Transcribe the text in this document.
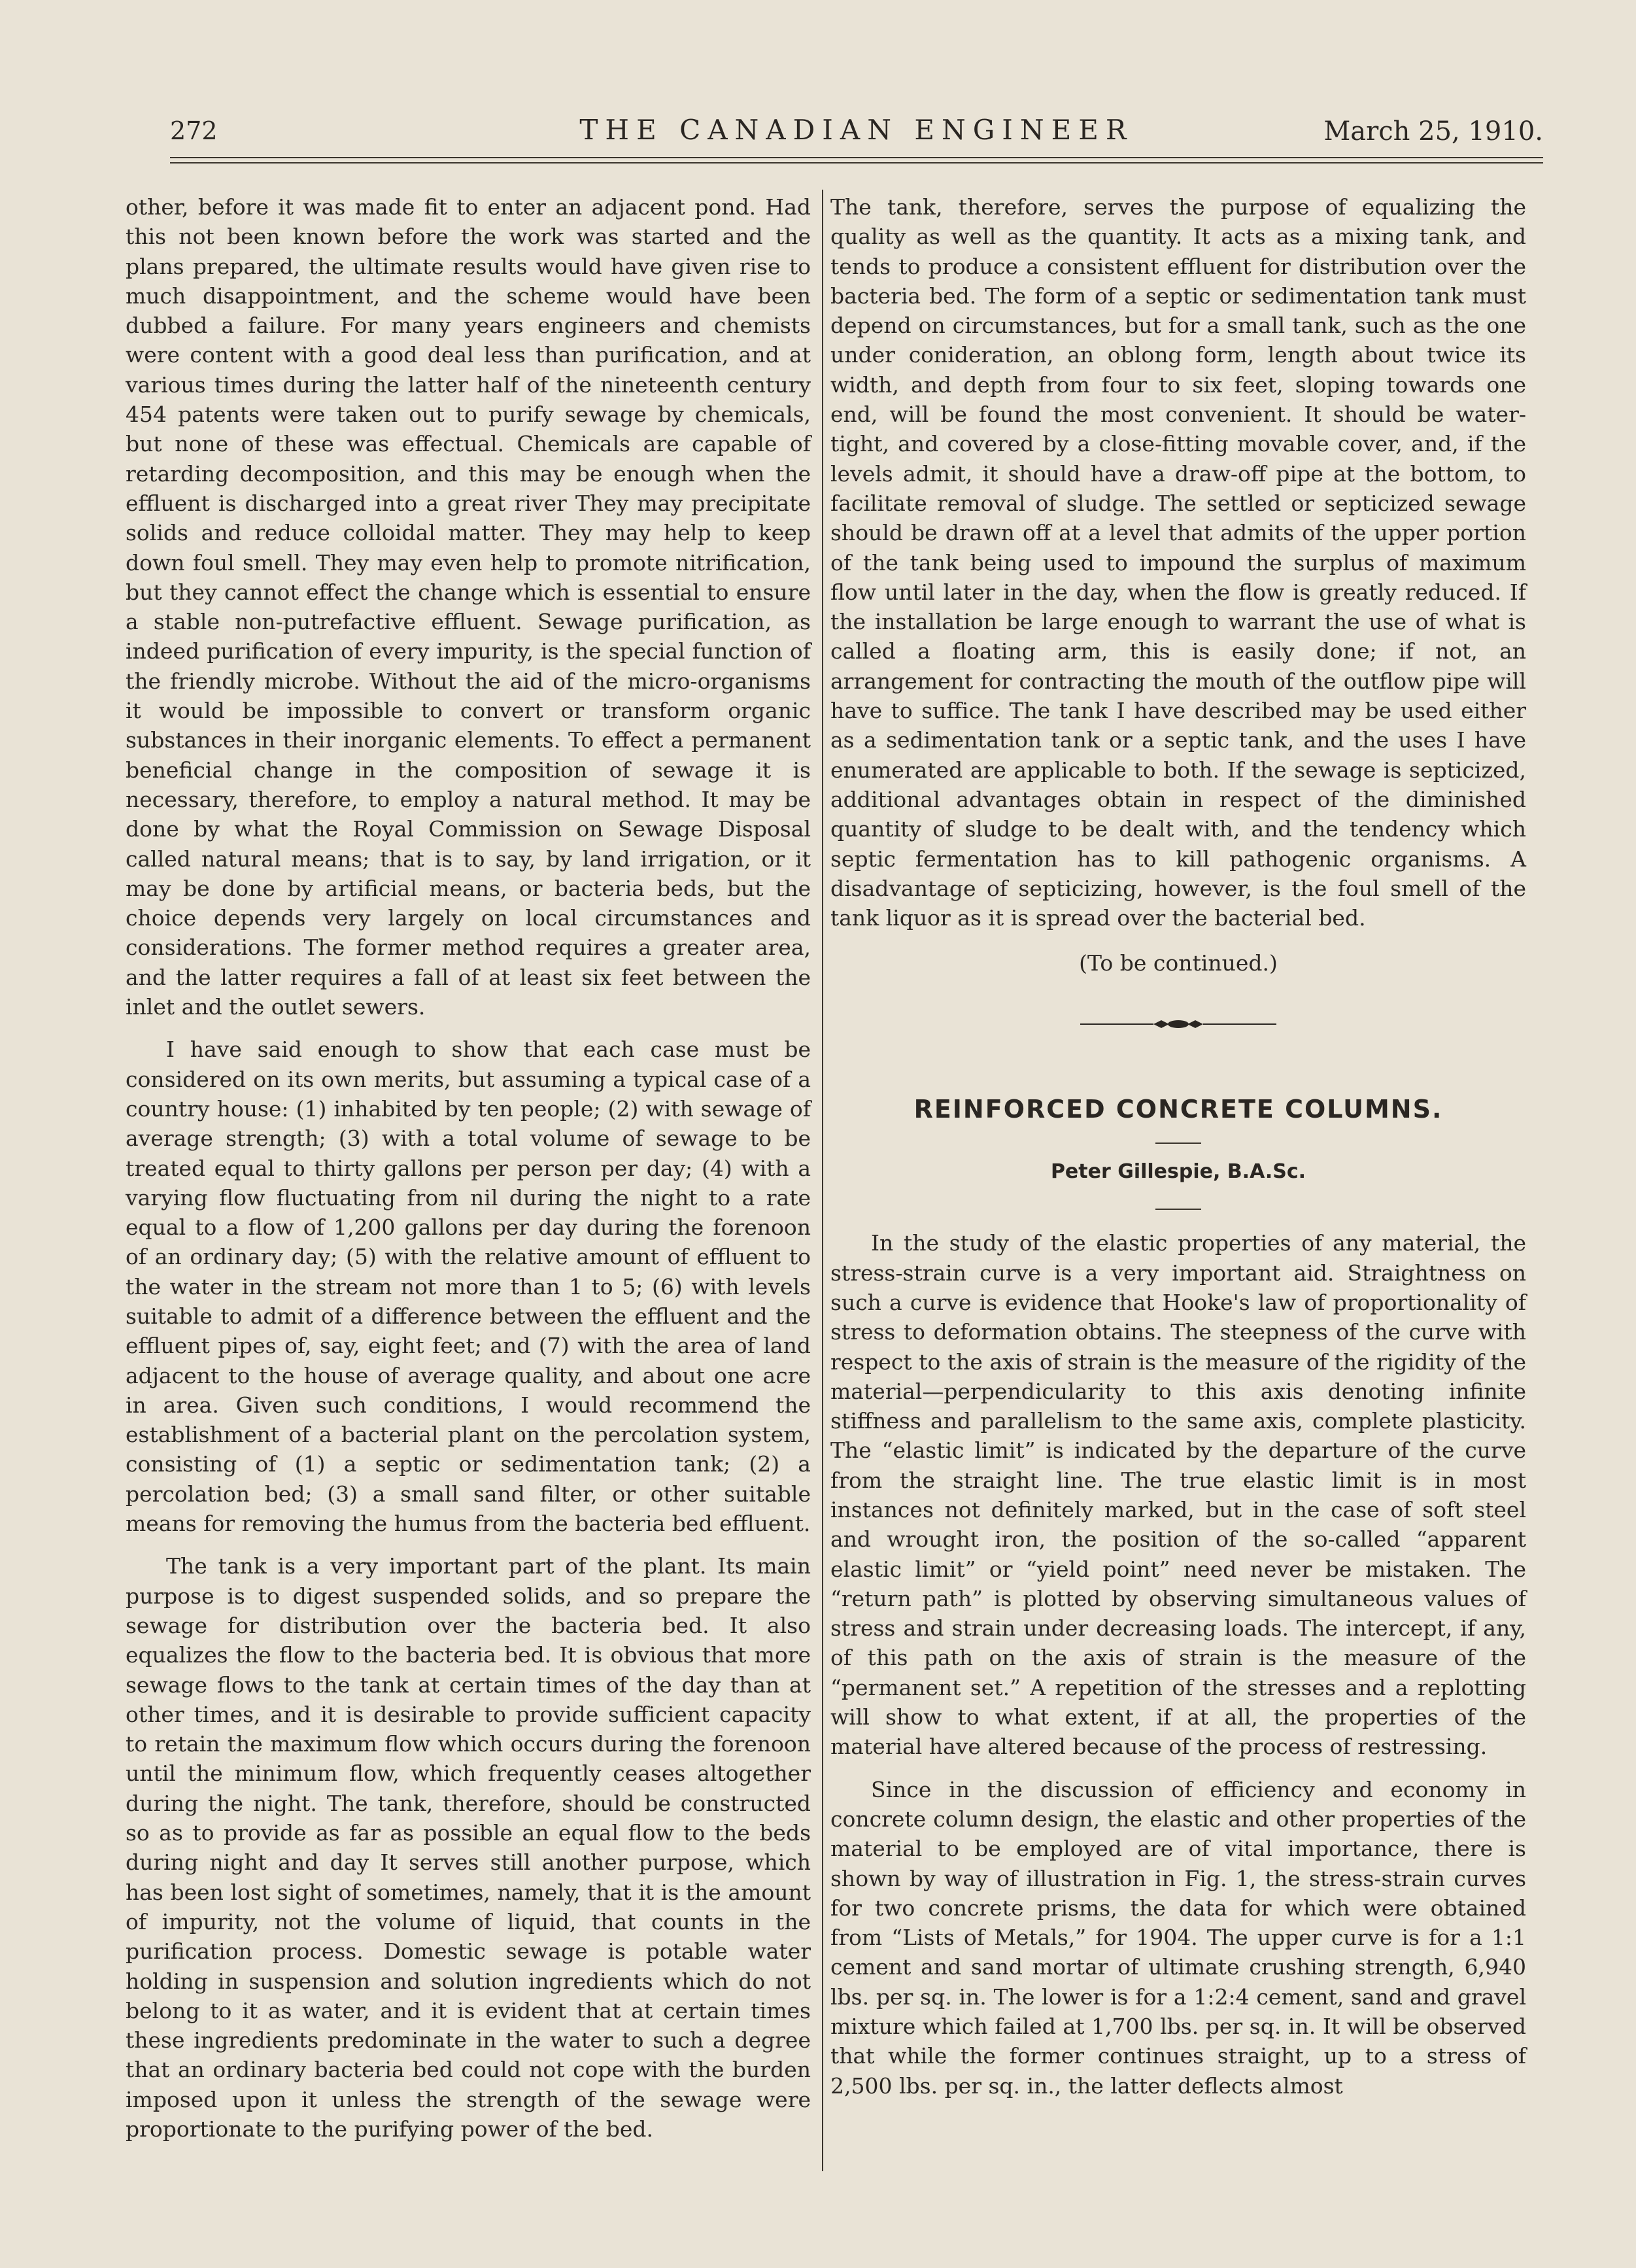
272	THE CANADIAN ENGINEER	March 25, 1910.

other, before it was made fit to enter an adjacent pond. Had this not been known before the work was started and the plans prepared, the ultimate results would have given rise to much disappointment, and the scheme would have been dubbed a failure. For many years engineers and chemists were content with a good deal less than purification, and at various times during the latter half of the nineteenth century 454 patents were taken out to purify sewage by chemicals, but none of these was effectual. Chemicals are capable of retarding decomposition, and this may be enough when the effluent is discharged into a great river They may precipitate solids and reduce colloidal matter. They may help to keep down foul smell. They may even help to promote nitrification, but they cannot effect the change which is essential to ensure a stable non-putrefactive effluent. Sewage purification, as indeed purification of every impurity, is the special function of the friendly microbe. Without the aid of the micro-organisms it would be impossible to convert or transform organic substances in their inorganic elements. To effect a permanent beneficial change in the composition of sewage it is necessary, therefore, to employ a natural method. It may be done by what the Royal Commission on Sewage Disposal called natural means; that is to say, by land irrigation, or it may be done by artificial means, or bacteria beds, but the choice depends very largely on local circumstances and considerations. The former method requires a greater area, and the latter requires a fall of at least six feet between the inlet and the outlet sewers.

I have said enough to show that each case must be considered on its own merits, but assuming a typical case of a country house: (1) inhabited by ten people; (2) with sewage of average strength; (3) with a total volume of sewage to be treated equal to thirty gallons per person per day; (4) with a varying flow fluctuating from nil during the night to a rate equal to a flow of 1,200 gallons per day during the forenoon of an ordinary day; (5) with the relative amount of effluent to the water in the stream not more than 1 to 5; (6) with levels suitable to admit of a difference between the effluent and the effluent pipes of, say, eight feet; and (7) with the area of land adjacent to the house of average quality, and about one acre in area. Given such conditions, I would recommend the establishment of a bacterial plant on the percolation system, consisting of (1) a septic or sedimentation tank; (2) a percolation bed; (3) a small sand filter, or other suitable means for removing the humus from the bacteria bed effluent.

The tank is a very important part of the plant. Its main purpose is to digest suspended solids, and so prepare the sewage for distribution over the bacteria bed. It also equalizes the flow to the bacteria bed. It is obvious that more sewage flows to the tank at certain times of the day than at other times, and it is desirable to provide sufficient capacity to retain the maximum flow which occurs during the forenoon until the minimum flow, which frequently ceases altogether during the night. The tank, therefore, should be constructed so as to provide as far as possible an equal flow to the beds during night and day It serves still another purpose, which has been lost sight of sometimes, namely, that it is the amount of impurity, not the volume of liquid, that counts in the purification process. Domestic sewage is potable water holding in suspension and solution ingredients which do not belong to it as water, and it is evident that at certain times these ingredients predominate in the water to such a degree that an ordinary bacteria bed could not cope with the burden imposed upon it unless the strength of the sewage were proportionate to the purifying power of the bed.

The tank, therefore, serves the purpose of equalizing the quality as well as the quantity. It acts as a mixing tank, and tends to produce a consistent effluent for distribution over the bacteria bed. The form of a septic or sedimentation tank must depend on circumstances, but for a small tank, such as the one under conideration, an oblong form, length about twice its width, and depth from four to six feet, sloping towards one end, will be found the most convenient. It should be water-tight, and covered by a close-fitting movable cover, and, if the levels admit, it should have a draw-off pipe at the bottom, to facilitate removal of sludge. The settled or septicized sewage should be drawn off at a level that admits of the upper portion of the tank being used to impound the surplus of maximum flow until later in the day, when the flow is greatly reduced. If the installation be large enough to warrant the use of what is called a floating arm, this is easily done; if not, an arrangement for contracting the mouth of the outflow pipe will have to suffice. The tank I have described may be used either as a sedimentation tank or a septic tank, and the uses I have enumerated are applicable to both. If the sewage is septicized, additional advantages obtain in respect of the diminished quantity of sludge to be dealt with, and the tendency which septic fermentation has to kill pathogenic organisms. A disadvantage of septicizing, however, is the foul smell of the tank liquor as it is spread over the bacterial bed.

(To be continued.)

REINFORCED CONCRETE COLUMNS.

Peter Gillespie, B.A.Sc.

In the study of the elastic properties of any material, the stress-strain curve is a very important aid. Straightness on such a curve is evidence that Hooke's law of proportionality of stress to deformation obtains. The steepness of the curve with respect to the axis of strain is the measure of the rigidity of the material—perpendicularity to this axis denoting infinite stiffness and parallelism to the same axis, complete plasticity. The “elastic limit” is indicated by the departure of the curve from the straight line. The true elastic limit is in most instances not definitely marked, but in the case of soft steel and wrought iron, the position of the so-called “apparent elastic limit” or “yield point” need never be mistaken. The “return path” is plotted by observing simultaneous values of stress and strain under decreasing loads. The intercept, if any, of this path on the axis of strain is the measure of the “permanent set.” A repetition of the stresses and a replotting will show to what extent, if at all, the properties of the material have altered because of the process of restressing.

Since in the discussion of efficiency and economy in concrete column design, the elastic and other properties of the material to be employed are of vital importance, there is shown by way of illustration in Fig. 1, the stress-strain curves for two concrete prisms, the data for which were obtained from “Lists of Metals,” for 1904. The upper curve is for a 1:1 cement and sand mortar of ultimate crushing strength, 6,940 lbs. per sq. in. The lower is for a 1:2:4 cement, sand and gravel mixture which failed at 1,700 lbs. per sq. in. It will be observed that while the former continues straight, up to a stress of 2,500 lbs. per sq. in., the latter deflects almost
